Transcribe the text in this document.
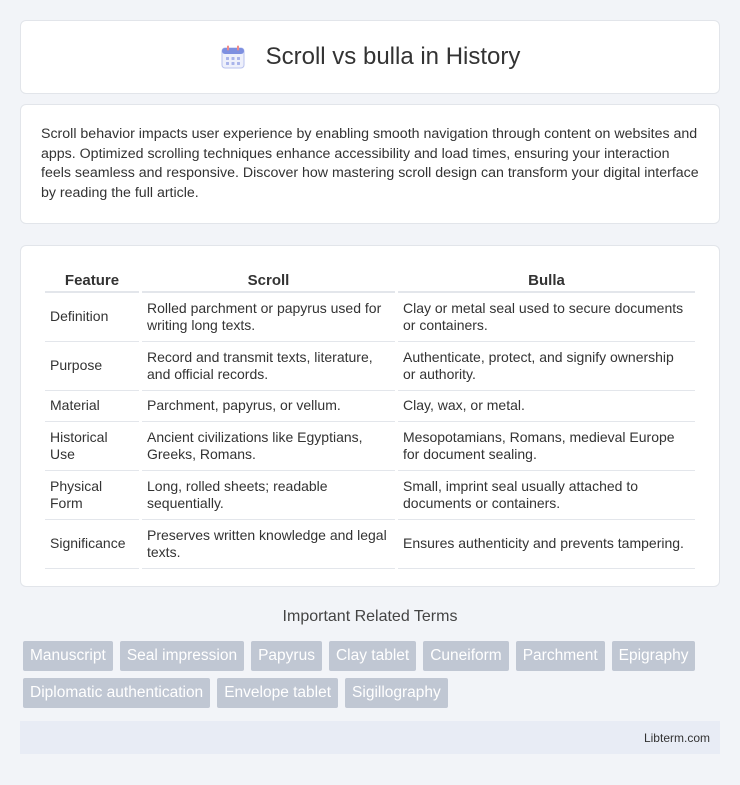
Scroll vs bulla in History

Scroll behavior impacts user experience by enabling smooth navigation through content on websites and apps. Optimized scrolling techniques enhance accessibility and load times, ensuring your interaction feels seamless and responsive. Discover how mastering scroll design can transform your digital interface by reading the full article.

Feature	Scroll	Bulla
Definition	Rolled parchment or papyrus used for writing long texts.	Clay or metal seal used to secure documents or containers.
Purpose	Record and transmit texts, literature, and official records.	Authenticate, protect, and signify ownership or authority.
Material	Parchment, papyrus, or vellum.	Clay, wax, or metal.
Historical Use	Ancient civilizations like Egyptians, Greeks, Romans.	Mesopotamians, Romans, medieval Europe for document sealing.
Physical Form	Long, rolled sheets; readable sequentially.	Small, imprint seal usually attached to documents or containers.
Significance	Preserves written knowledge and legal texts.	Ensures authenticity and prevents tampering.
Important Related Terms
Manuscript	Seal impression	Papyrus	Clay tablet	Cuneiform	Parchment	Epigraphy
Diplomatic authentication	Envelope tablet	Sigillography
Libterm.com
